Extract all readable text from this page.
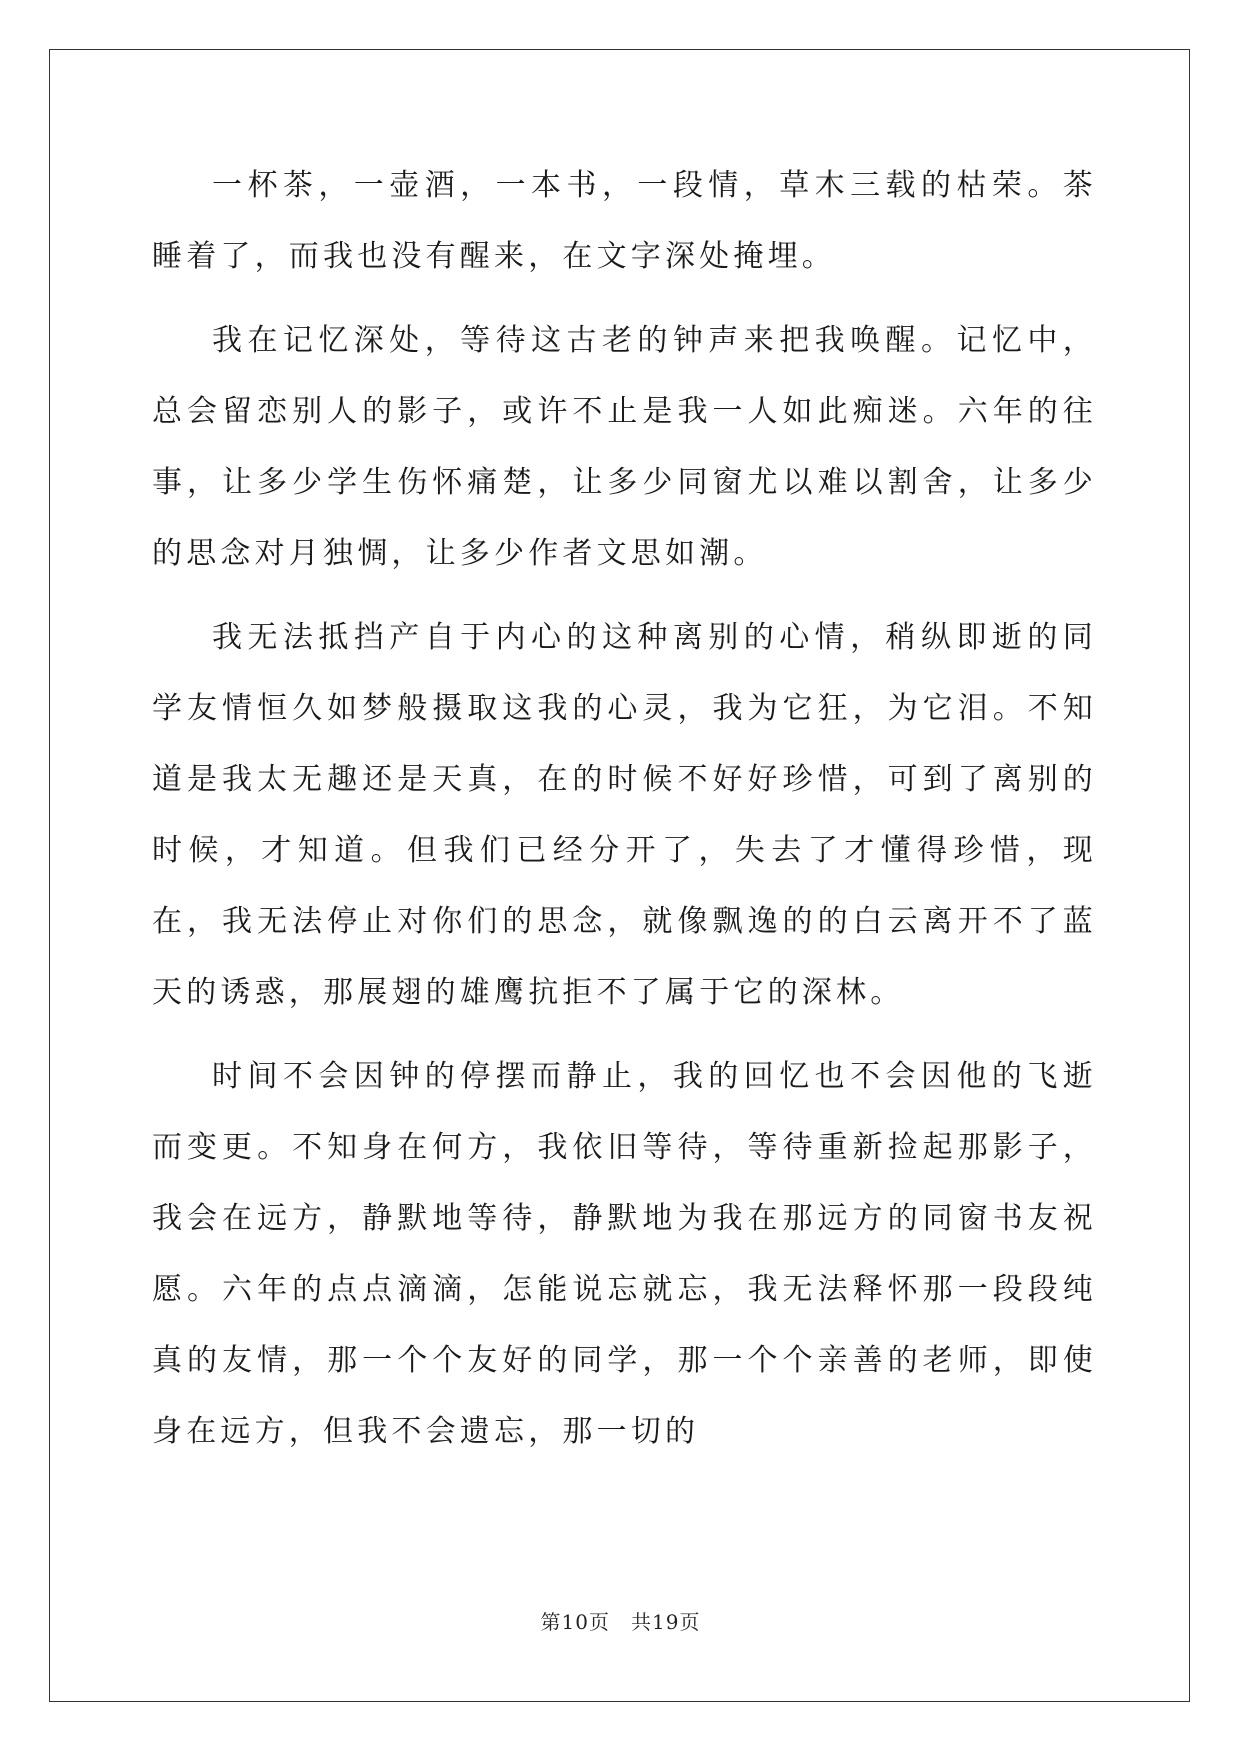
一杯茶，一壶酒，一本书，一段情，草木三载的枯荣。茶睡着了，而我也没有醒来，在文字深处掩埋。

我在记忆深处，等待这古老的钟声来把我唤醒。记忆中，总会留恋别人的影子，或许不止是我一人如此痴迷。六年的往事，让多少学生伤怀痛楚，让多少同窗尤以难以割舍，让多少的思念对月独惆，让多少作者文思如潮。

我无法抵挡产自于内心的这种离别的心情，稍纵即逝的同学友情恒久如梦般摄取这我的心灵，我为它狂，为它泪。不知道是我太无趣还是天真，在的时候不好好珍惜，可到了离别的时候，才知道。但我们已经分开了，失去了才懂得珍惜，现在，我无法停止对你们的思念，就像飘逸的的白云离开不了蓝天的诱惑，那展翅的雄鹰抗拒不了属于它的深林。

时间不会因钟的停摆而静止，我的回忆也不会因他的飞逝而变更。不知身在何方，我依旧等待，等待重新捡起那影子，我会在远方，静默地等待，静默地为我在那远方的同窗书友祝愿。六年的点点滴滴，怎能说忘就忘，我无法释怀那一段段纯真的友情，那一个个友好的同学，那一个个亲善的老师，即使身在远方，但我不会遗忘，那一切的

第10页　共19页
